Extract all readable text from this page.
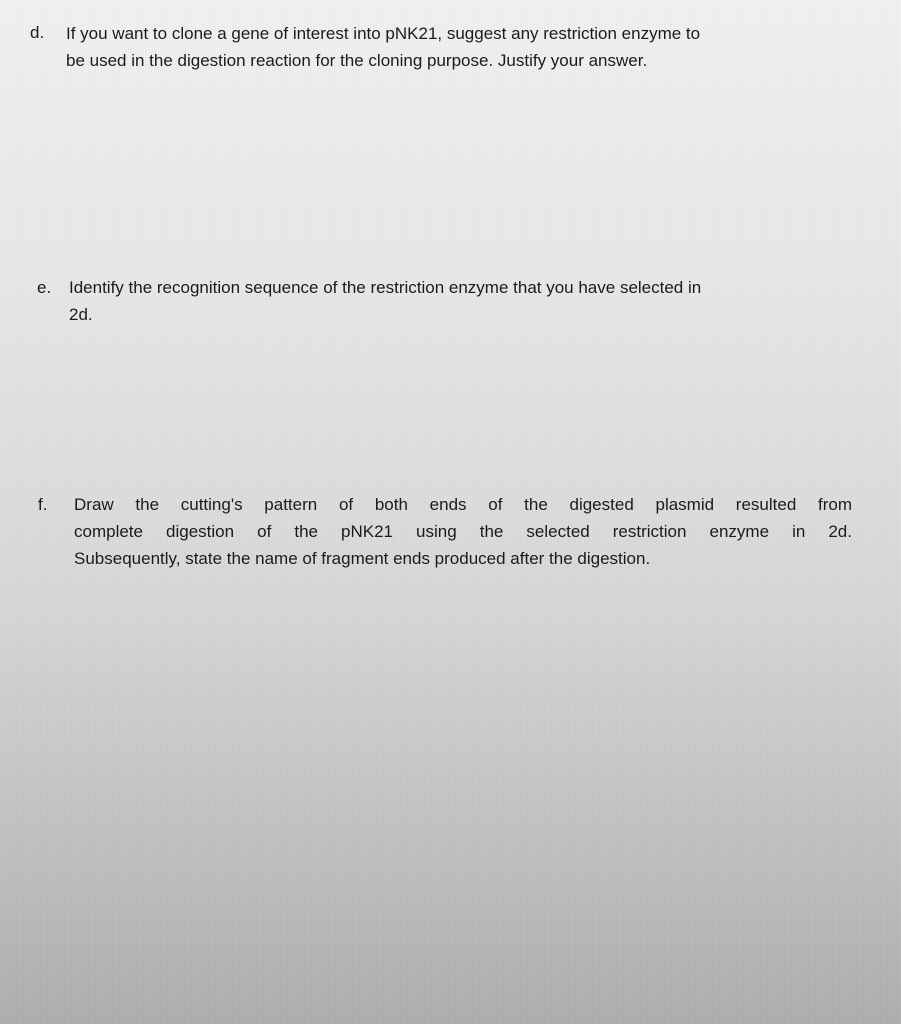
d. If you want to clone a gene of interest into pNK21, suggest any restriction enzyme to
be used in the digestion reaction for the cloning purpose. Justify your answer.
e. Identify the recognition sequence of the restriction enzyme that you have selected in
2d.
f. Draw the cutting's pattern of both ends of the digested plasmid resulted from
complete digestion of the pNK21 using the selected restriction enzyme in 2d.
Subsequently, state the name of fragment ends produced after the digestion.
